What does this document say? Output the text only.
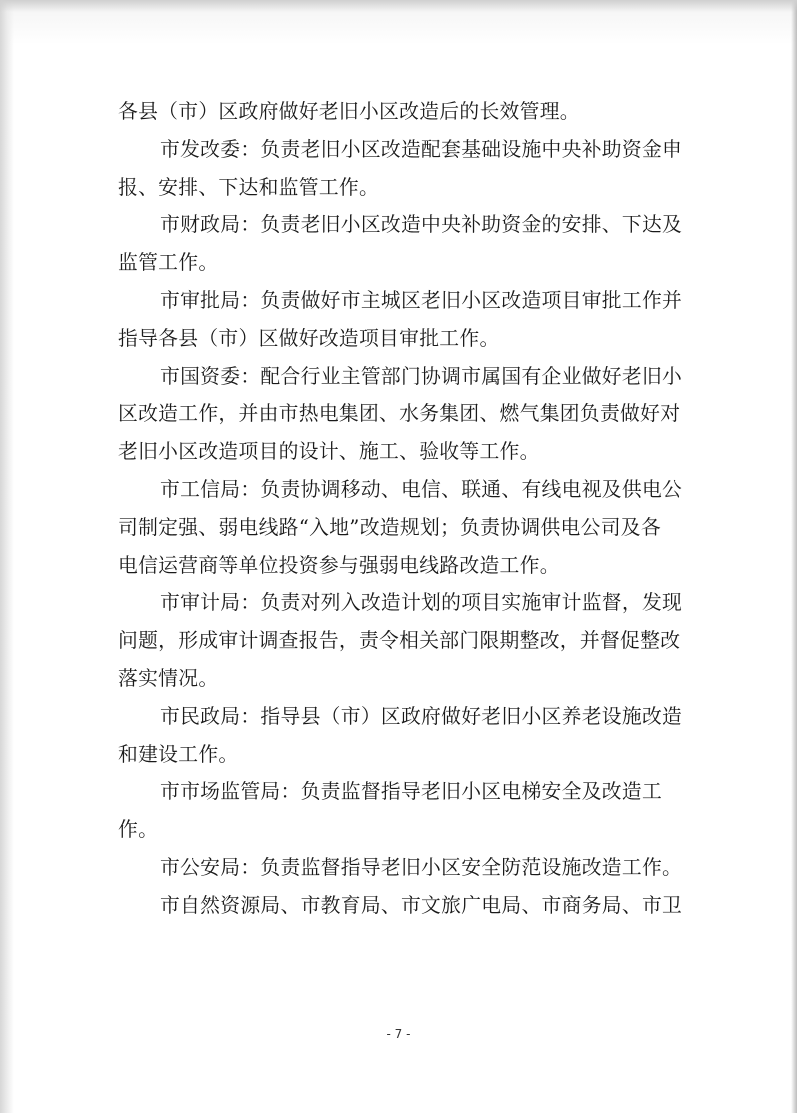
各县（市）区政府做好老旧小区改造后的长效管理。
市发改委：负责老旧小区改造配套基础设施中央补助资金申
报、安排、下达和监管工作。
市财政局：负责老旧小区改造中央补助资金的安排、下达及
监管工作。
市审批局：负责做好市主城区老旧小区改造项目审批工作并
指导各县（市）区做好改造项目审批工作。
市国资委：配合行业主管部门协调市属国有企业做好老旧小
区改造工作，并由市热电集团、水务集团、燃气集团负责做好对
老旧小区改造项目的设计、施工、验收等工作。
市工信局：负责协调移动、电信、联通、有线电视及供电公
司制定强、弱电线路“入地”改造规划；负责协调供电公司及各
电信运营商等单位投资参与强弱电线路改造工作。
市审计局：负责对列入改造计划的项目实施审计监督，发现
问题，形成审计调查报告，责令相关部门限期整改，并督促整改
落实情况。
市民政局：指导县（市）区政府做好老旧小区养老设施改造
和建设工作。
市市场监管局：负责监督指导老旧小区电梯安全及改造工
作。
市公安局：负责监督指导老旧小区安全防范设施改造工作。
市自然资源局、市教育局、市文旅广电局、市商务局、市卫
- 7 -
